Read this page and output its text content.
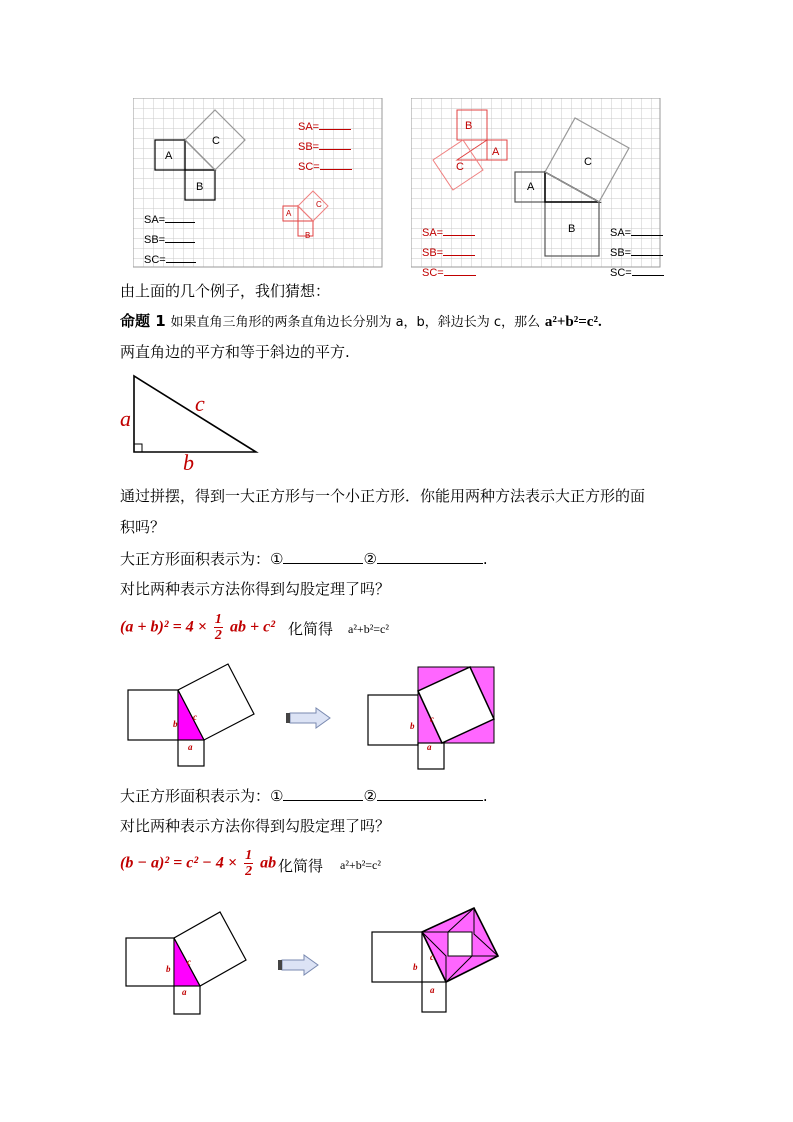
A
B
C
A
B
C
SA=
SB=
SC=
SA=
SB=
SC=
B
A
C
A
B
C
SA=
SB=
SC=
SA=
SB=
SC=
由上面的几个例子，我们猜想：
命题 1 如果直角三角形的两条直角边长分别为 a，b，斜边长为 c，那么 a²+b²=c².
两直角边的平方和等于斜边的平方.
a
c
b
通过拼摆，得到一大正方形与一个小正方形．你能用两种方法表示大正方形的面
积吗？
大正方形面积表示为：①	②	.
对比两种表示方法你得到勾股定理了吗？
$(a + b)^2 = 4 \times \frac{1}{2}$ ab + c² 化简得 a²+b²=c²
b
c
a
b
c
a
大正方形面积表示为：①	②	.
对比两种表示方法你得到勾股定理了吗？
$(b - a)^2 = c^2 - 4 \times \frac{1}{2}$ ab 化简得 a²+b²=c²
b
c
a
b
c
a
